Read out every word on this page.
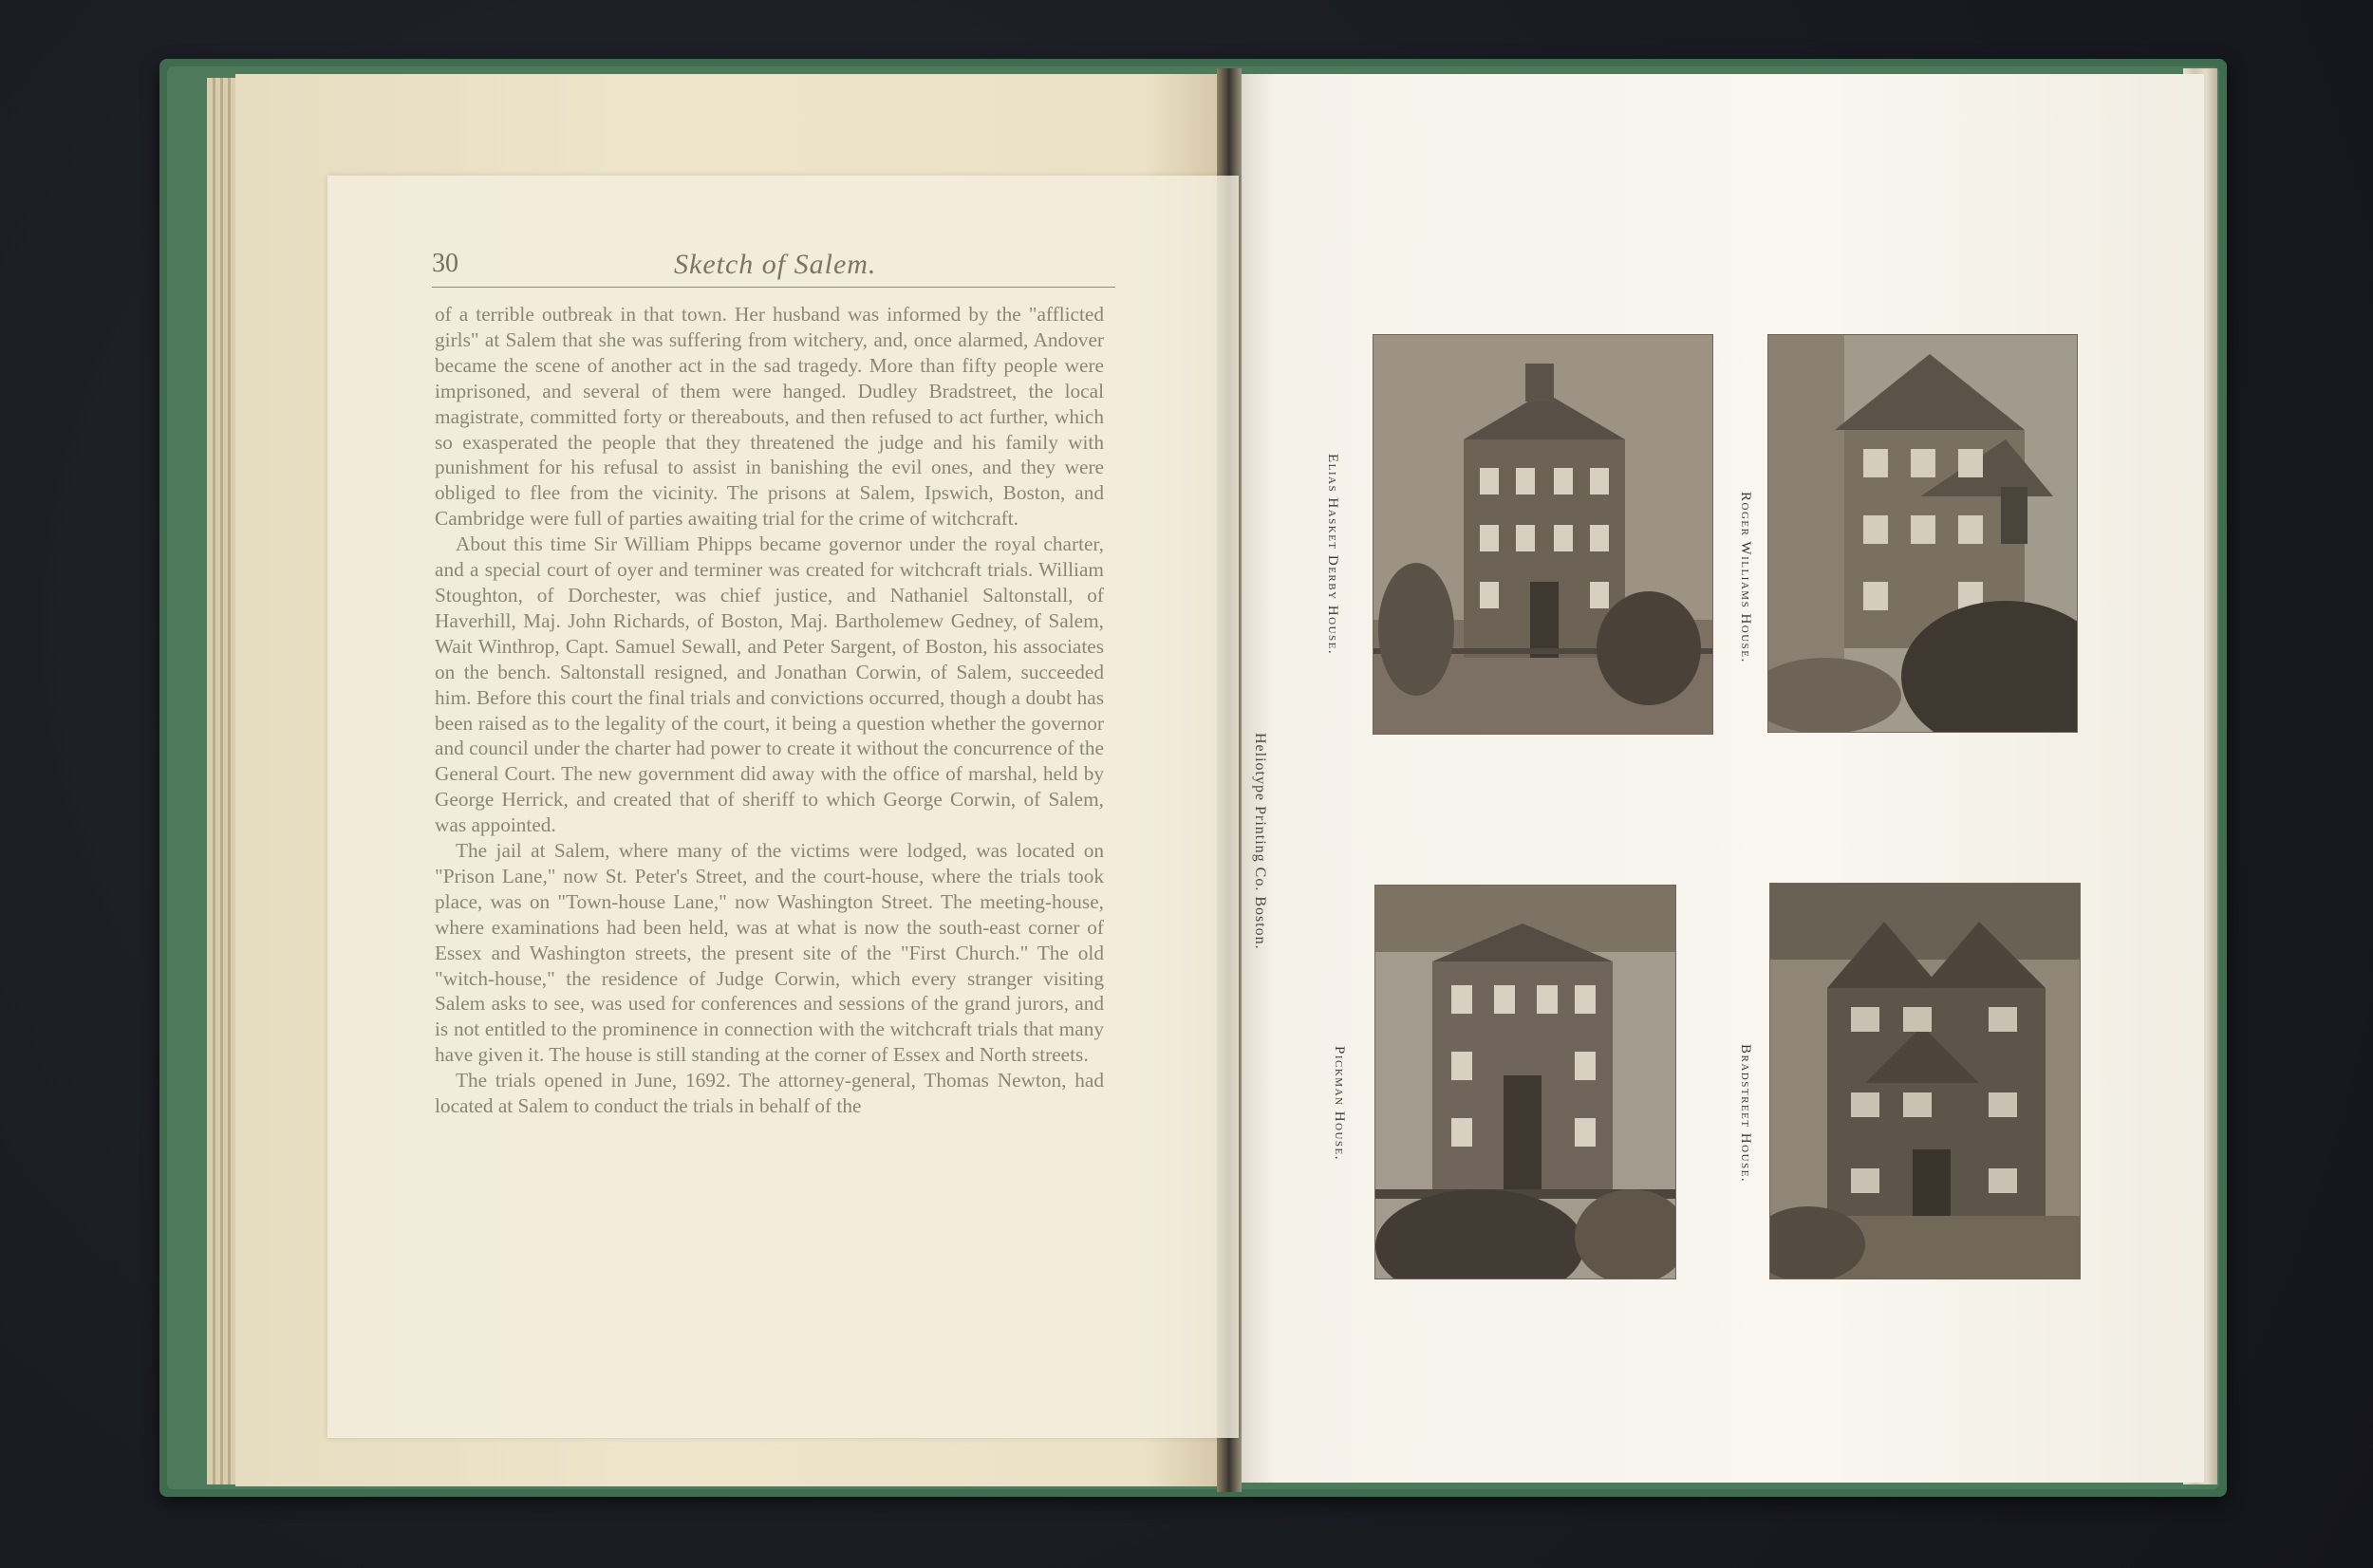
30	Sketch of Salem.

of a terrible outbreak in that town. Her husband was informed by the "afflicted girls" at Salem that she was suffering from witchery, and, once alarmed, Andover became the scene of another act in the sad tragedy. More than fifty people were imprisoned, and several of them were hanged. Dudley Bradstreet, the local magistrate, committed forty or thereabouts, and then refused to act further, which so exasperated the people that they threatened the judge and his family with punishment for his refusal to assist in banishing the evil ones, and they were obliged to flee from the vicinity. The prisons at Salem, Ipswich, Boston, and Cambridge were full of parties awaiting trial for the crime of witchcraft.

About this time Sir William Phipps became governor under the royal charter, and a special court of oyer and terminer was created for witchcraft trials. William Stoughton, of Dorchester, was chief justice, and Nathaniel Saltonstall, of Haverhill, Maj. John Richards, of Boston, Maj. Bartholemew Gedney, of Salem, Wait Winthrop, Capt. Samuel Sewall, and Peter Sargent, of Boston, his associates on the bench. Saltonstall resigned, and Jonathan Corwin, of Salem, succeeded him. Before this court the final trials and convictions occurred, though a doubt has been raised as to the legality of the court, it being a question whether the governor and council under the charter had power to create it without the concurrence of the General Court. The new government did away with the office of marshal, held by George Herrick, and created that of sheriff to which George Corwin, of Salem, was appointed.

The jail at Salem, where many of the victims were lodged, was located on "Prison Lane," now St. Peter's Street, and the court-house, where the trials took place, was on "Town-house Lane," now Washington Street. The meeting-house, where examinations had been held, was at what is now the south-east corner of Essex and Washington streets, the present site of the "First Church." The old "witch-house," the residence of Judge Corwin, which every stranger visiting Salem asks to see, was used for conferences and sessions of the grand jurors, and is not entitled to the prominence in connection with the witchcraft trials that many have given it. The house is still standing at the corner of Essex and North streets.

The trials opened in June, 1692. The attorney-general, Thomas Newton, had located at Salem to conduct the trials in behalf of the

Heliotype Printing Co. Boston.
Elias Hasket Derby House.	Roger Williams House.
Pickman House.	Bradstreet House.
